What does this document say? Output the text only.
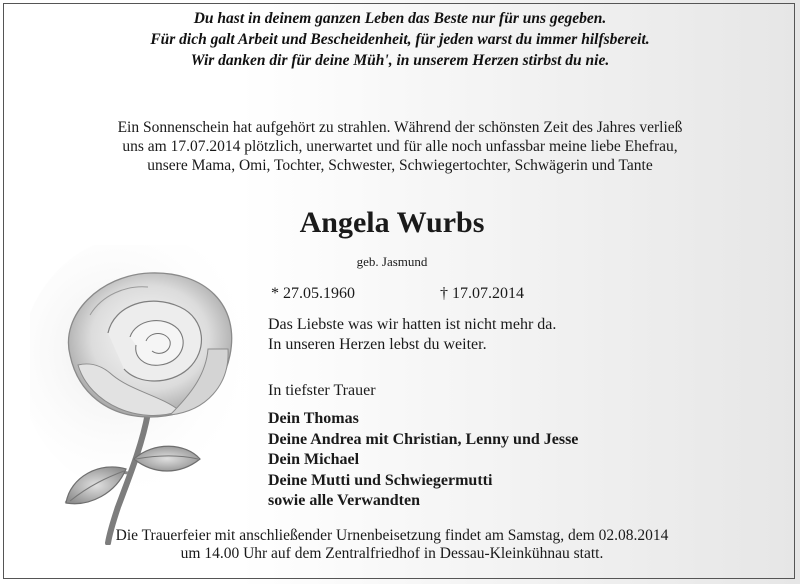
Du hast in deinem ganzen Leben das Beste nur für uns gegeben.
Für dich galt Arbeit und Bescheidenheit, für jeden warst du immer hilfsbereit.
Wir danken dir für deine Müh', in unserem Herzen stirbst du nie.
Ein Sonnenschein hat aufgehört zu strahlen. Während der schönsten Zeit des Jahres verließ
uns am 17.07.2014 plötzlich, unerwartet und für alle noch unfassbar meine liebe Ehefrau,
unsere Mama, Omi, Tochter, Schwester, Schwiegertochter, Schwägerin und Tante
Angela Wurbs
geb. Jasmund
* 27.05.1960	† 17.07.2014
Das Liebste was wir hatten ist nicht mehr da.
In unseren Herzen lebst du weiter.
In tiefster Trauer
Dein Thomas
Deine Andrea mit Christian, Lenny und Jesse
Dein Michael
Deine Mutti und Schwiegermutti
sowie alle Verwandten
Die Trauerfeier mit anschließender Urnenbeisetzung findet am Samstag, dem 02.08.2014
um 14.00 Uhr auf dem Zentralfriedhof in Dessau-Kleinkühnau statt.
